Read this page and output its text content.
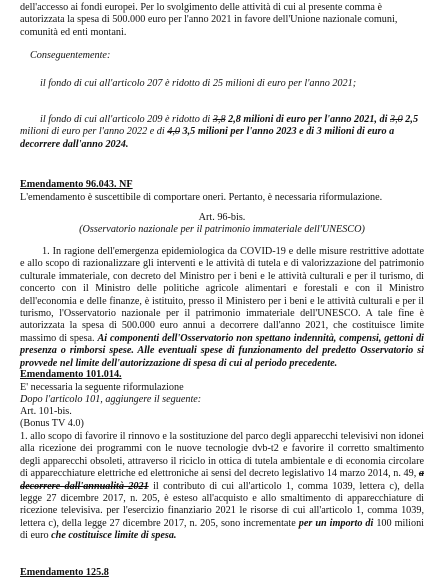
dell'accesso ai fondi europei. Per lo svolgimento delle attività di cui al presente comma è
autorizzata la spesa di 500.000 euro per l'anno 2021 in favore dell'Unione nazionale comuni,
comunità ed enti montani.

Conseguentemente:

il fondo di cui all'articolo 207 è ridotto di 25 milioni di euro per l'anno 2021;

il fondo di cui all'articolo 209 è ridotto di 3,8 2,8 milioni di euro per l'anno 2021, di 3,0 2,5
milioni di euro per l'anno 2022 e di 4,0 3,5 milioni per l'anno 2023 e di 3 milioni di euro a
decorrere dall'anno 2024.
Emendamento 96.043. NF
L'emendamento è suscettibile di comportare oneri. Pertanto, è necessaria riformulazione.
Art. 96-bis.
(Osservatorio nazionale per il patrimonio immateriale dell'UNESCO)
1. In ragione dell'emergenza epidemiologica da COVID-19 e delle misure restrittive adottate e allo scopo di razionalizzare gli interventi e le attività di tutela e di valorizzazione del patrimonio culturale immateriale, con decreto del Ministro per i beni e le attività culturali e per il turismo, di concerto con il Ministro delle politiche agricole alimentari e forestali e con il Ministro dell'economia e delle finanze, è istituito, presso il Ministero per i beni e le attività culturali e per il turismo, l'Osservatorio nazionale per il patrimonio immateriale dell'UNESCO. A tale fine è autorizzata la spesa di 500.000 euro annui a decorrere dall'anno 2021, che costituisce limite massimo di spesa. Ai componenti dell'Osservatorio non spettano indennità, compensi, gettoni di presenza o rimborsi spese. Alle eventuali spese di funzionamento del predetto Osservatorio si provvede nel limite dell'autorizzazione di spesa di cui al periodo precedente.
Emendamento 101.014.
E' necessaria la seguente riformulazione
Dopo l'articolo 101, aggiungere il seguente:
Art. 101-bis.
(Bonus TV 4.0)
1. allo scopo di favorire il rinnovo e la sostituzione del parco degli apparecchi televisivi non idonei alla ricezione dei programmi con le nuove tecnologie dvb-t2 e favorire il corretto smaltimento degli apparecchi obsoleti, attraverso il riciclo in ottica di tutela ambientale e di economia circolare di apparecchiature elettriche ed elettroniche ai sensi del decreto legislativo 14 marzo 2014, n. 49, a decorrere dall'annualità 2021 il contributo di cui all'articolo 1, comma 1039, lettera c), della legge 27 dicembre 2017, n. 205, è esteso all'acquisto e allo smaltimento di apparecchiature di ricezione televisiva. per l'esercizio finanziario 2021 le risorse di cui all'articolo 1, comma 1039, lettera c), della legge 27 dicembre 2017, n. 205, sono incrementate per un importo di 100 milioni di euro che costituisce limite di spesa.
Emendamento 125.8
